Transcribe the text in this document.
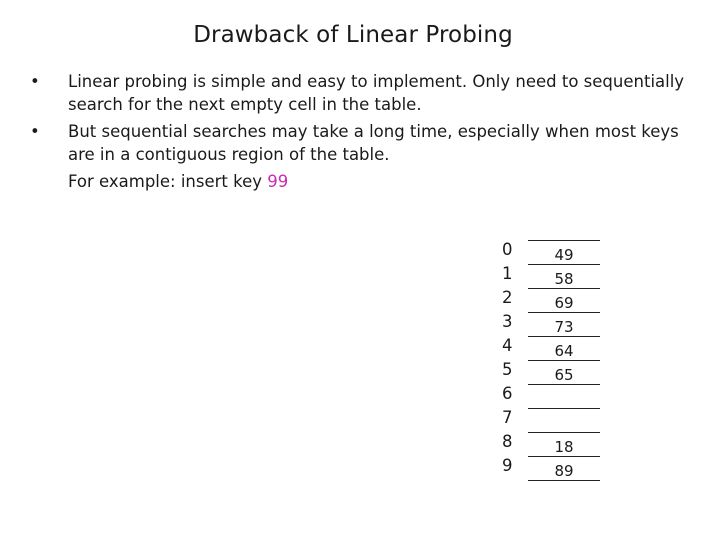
Drawback of Linear Probing
• Linear probing is simple and easy to implement. Only need to sequentially search for the next empty cell in the table.
• But sequential searches may take a long time, especially when most keys are in a contiguous region of the table.
For example: insert key 99
0
1
2
3
4
5
6
7
8
9
49
58
69
73
64
65
18
89
